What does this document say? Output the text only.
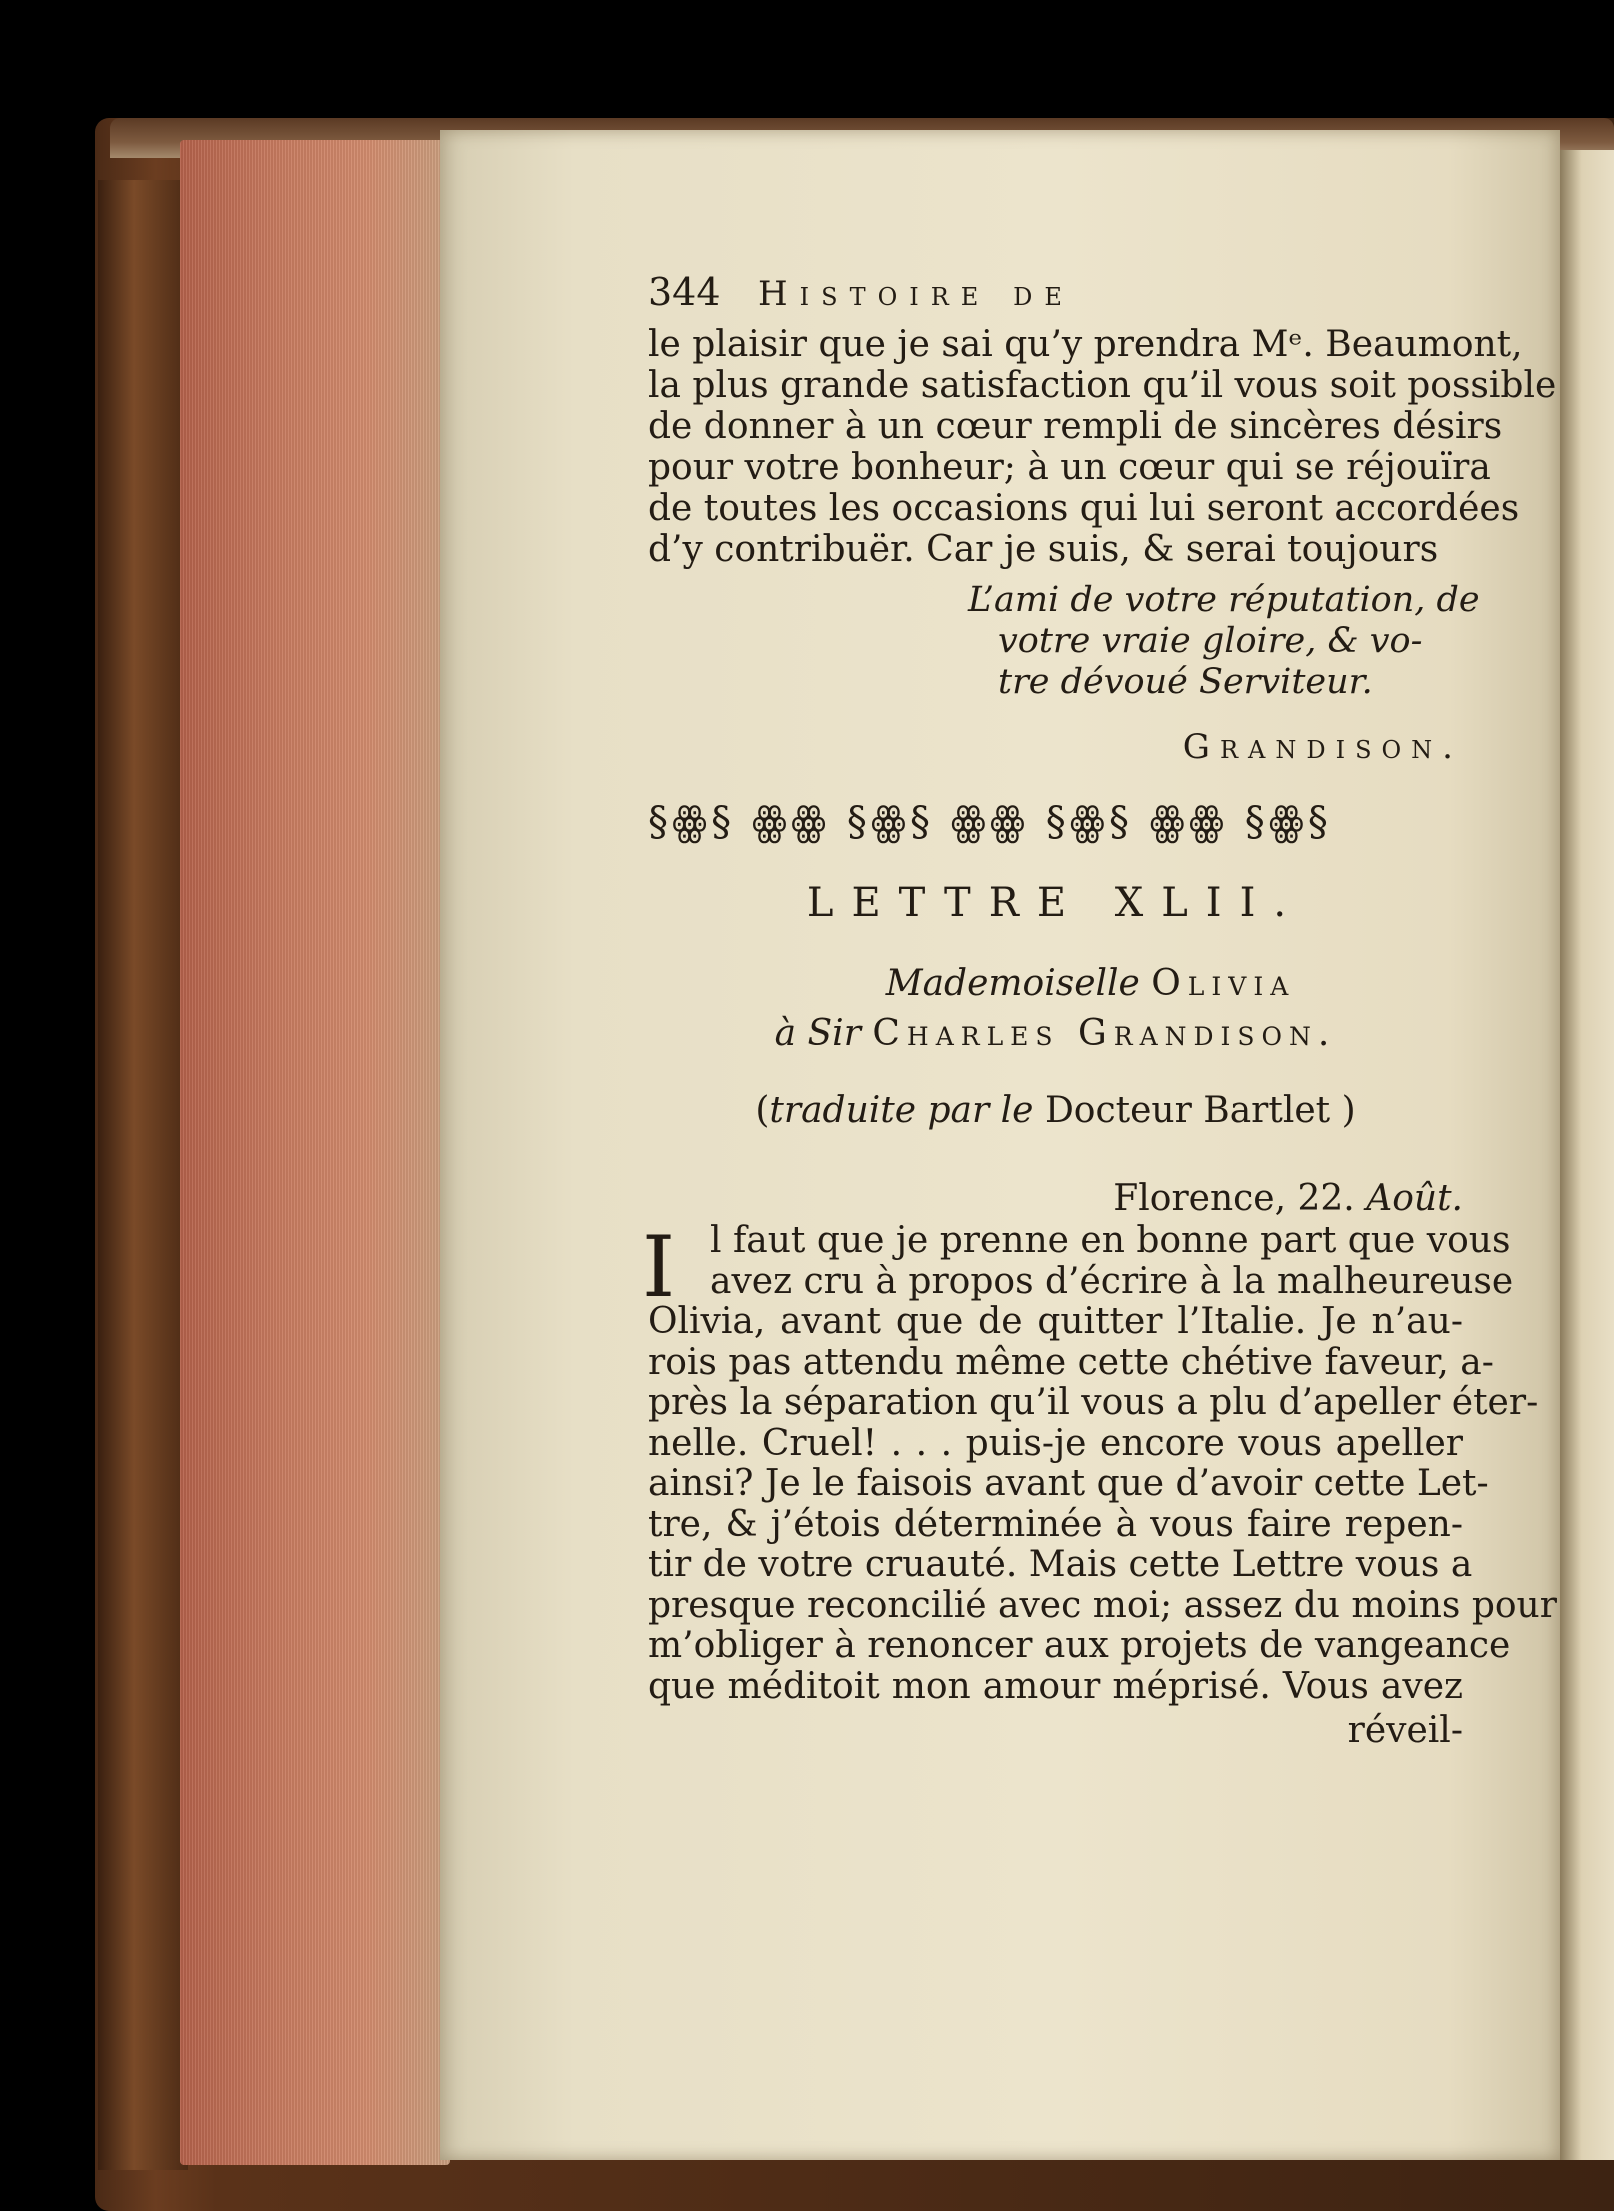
344	Histoire de

le plaisir que je sai qu’y prendra Mᵉ. Beaumont,

la plus grande satisfaction qu’il vous soit possible

de donner à un cœur rempli de sincères désirs

pour votre bonheur; à un cœur qui se réjouïra

de toutes les occasions qui lui seront accordées

d’y contribuër. Car je suis, & serai toujours

L’ami de votre réputation, de

votre vraie gloire, & vo-

tre dévoué Serviteur.

Grandison.
§ꙮ§ ꙮꙮ §ꙮ§ ꙮꙮ §ꙮ§ ꙮꙮ §ꙮ§
LETTRE XLII.
Mademoiselle Olivia
à Sir Charles Grandison.
(traduite par le Docteur Bartlet )
Florence, 22. Août.
I l faut que je prenne en bonne part que vous

avez cru à propos d’écrire à la malheureuse

Olivia, avant que de quitter l’Italie. Je n’au-

rois pas attendu même cette chétive faveur, a-

près la séparation qu’il vous a plu d’apeller éter-

nelle. Cruel! . . . puis-je encore vous apeller

ainsi? Je le faisois avant que d’avoir cette Let-

tre, & j’étois déterminée à vous faire repen-

tir de votre cruauté. Mais cette Lettre vous a

presque reconcilié avec moi; assez du moins pour

m’obliger à renoncer aux projets de vangeance

que méditoit mon amour méprisé. Vous avez

réveil-
